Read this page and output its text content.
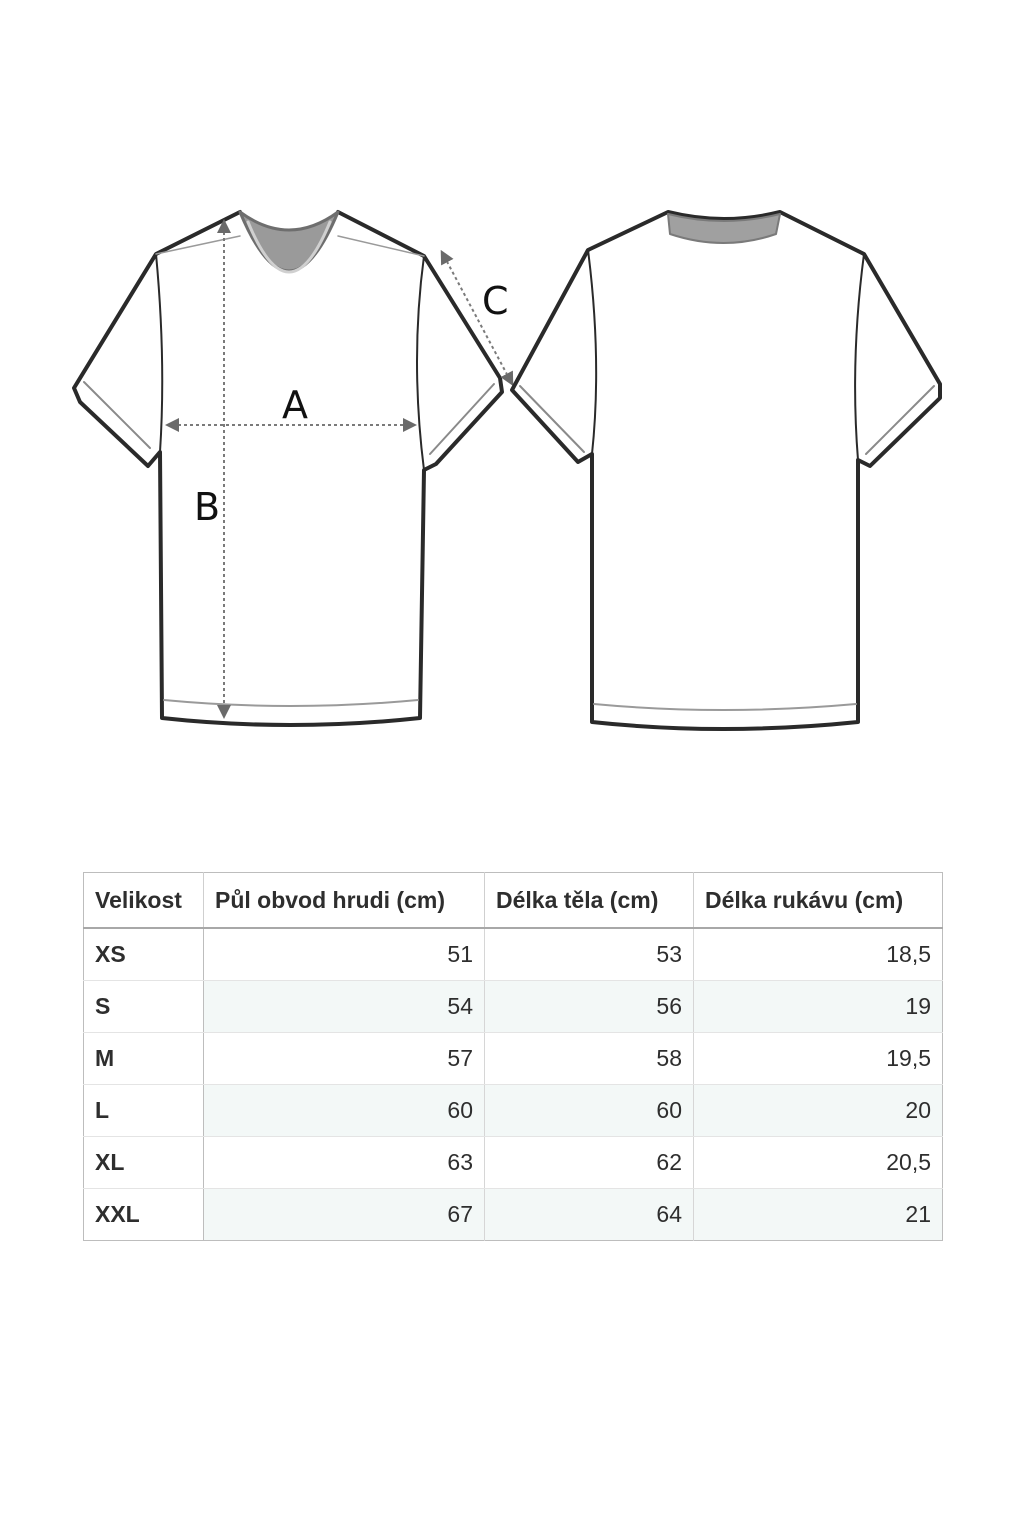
A
B
C
Velikost	Půl obvod hrudi (cm)	Délka těla (cm)	Délka rukávu (cm)
XS	51	53	18,5
S	54	56	19
M	57	58	19,5
L	60	60	20
XL	63	62	20,5
XXL	67	64	21
